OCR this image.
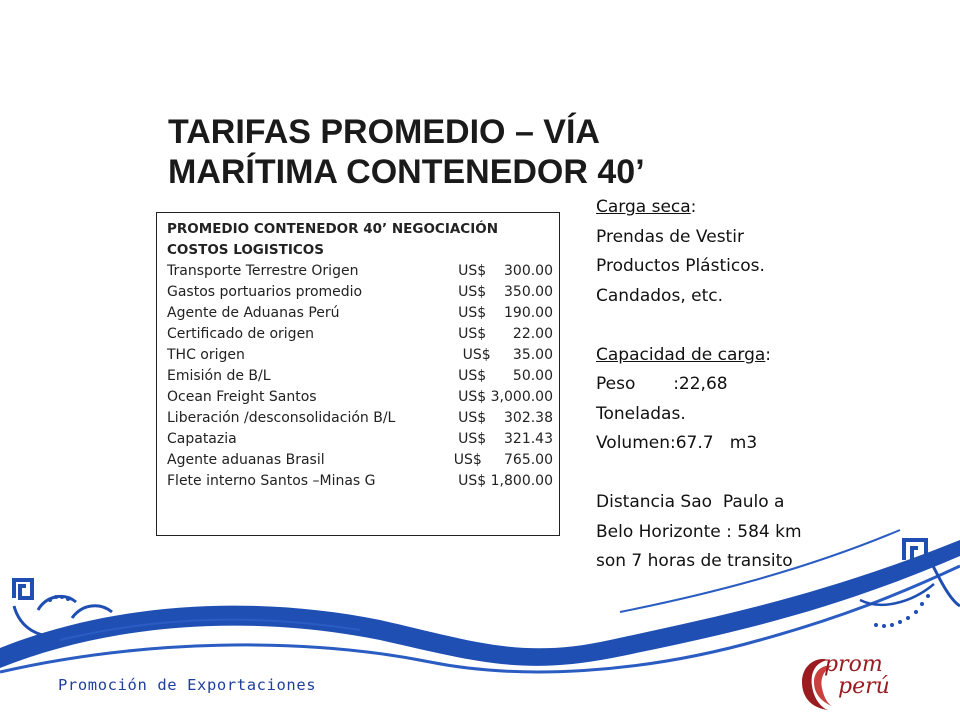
TARIFAS PROMEDIO – VÍA
MARÍTIMA CONTENEDOR 40’
PROMEDIO CONTENEDOR 40’ NEGOCIACIÓN
COSTOS LOGISTICOS
Transporte Terrestre Origen	US$    300.00
Gastos portuarios promedio	US$    350.00
Agente de Aduanas Perú	US$    190.00
Certificado de origen	US$      22.00
THC origen	US$     35.00
Emisión de B/L	US$      50.00
Ocean Freight Santos	US$ 3,000.00
Liberación /desconsolidación B/L	US$    302.38
Capatazia	US$    321.43
Agente aduanas Brasil	US$     765.00
Flete interno Santos –Minas G	US$ 1,800.00
Carga seca:
Prendas de Vestir
Productos Plásticos.
Candados, etc.
Capacidad de carga:
Peso       :22,68
Toneladas.
Volumen:67.7   m3
Distancia Sao  Paulo a
Belo Horizonte : 584 km
son 7 horas de transito
Promoción de Exportaciones
prom
perú
